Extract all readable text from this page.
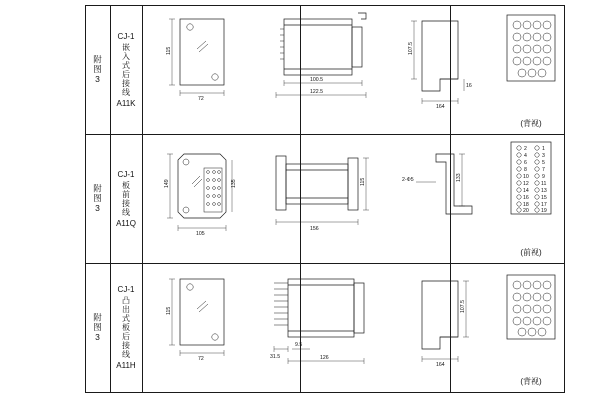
附图3
CJ-1
嵌入式后接线
A11K
115
72
100.5
122.5
107.5
16
164
(背视)
附图3
CJ-1
板前接线
A11Q
149	135
105
115
156
133
2-Φ5
2	1
4	3
6	5
8	7
10	9
12 11
14 13
16 15
18 17
20 19
(前视)
附图3
CJ-1
凸出式板后接线
A11H
115
72	31.5
9.5
126
107.5
164
(背视)
